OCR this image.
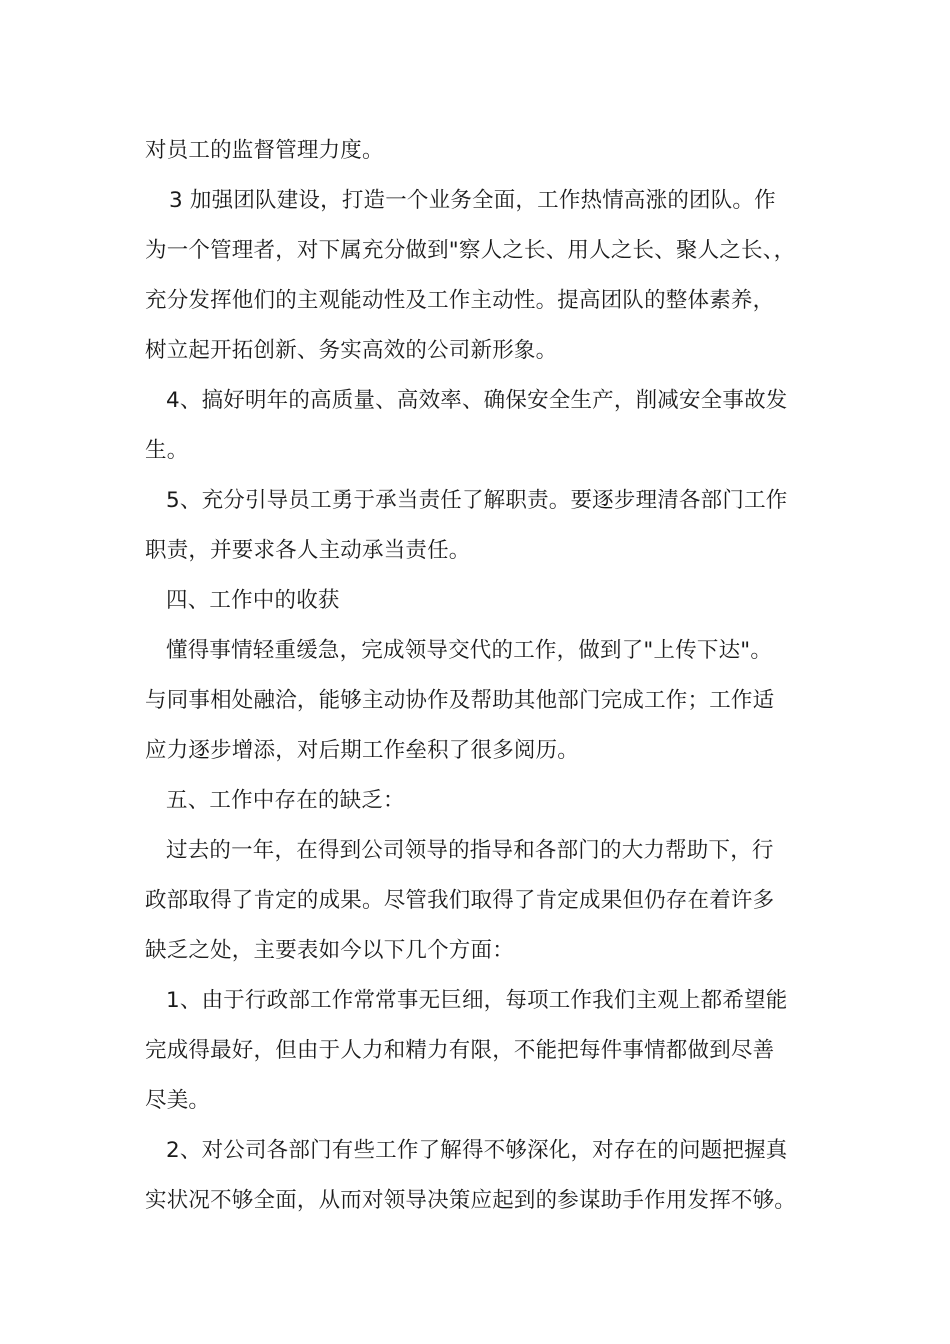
对员工的监督管理力度。

3 加强团队建设，打造一个业务全面，工作热情高涨的团队。作

为一个管理者，对下属充分做到"察人之长、用人之长、聚人之长、，

充分发挥他们的主观能动性及工作主动性。提高团队的整体素养，

树立起开拓创新、务实高效的公司新形象。

4、搞好明年的高质量、高效率、确保安全生产，削减安全事故发

生。

5、充分引导员工勇于承当责任了解职责。要逐步理清各部门工作

职责，并要求各人主动承当责任。

四、工作中的收获

懂得事情轻重缓急，完成领导交代的工作，做到了"上传下达"。

与同事相处融洽，能够主动协作及帮助其他部门完成工作；工作适

应力逐步增添，对后期工作垒积了很多阅历。

五、工作中存在的缺乏：

过去的一年，在得到公司领导的指导和各部门的大力帮助下，行

政部取得了肯定的成果。尽管我们取得了肯定成果但仍存在着许多

缺乏之处，主要表如今以下几个方面：

1、由于行政部工作常常事无巨细，每项工作我们主观上都希望能

完成得最好，但由于人力和精力有限，不能把每件事情都做到尽善

尽美。

2、对公司各部门有些工作了解得不够深化，对存在的问题把握真

实状况不够全面，从而对领导决策应起到的参谋助手作用发挥不够。
